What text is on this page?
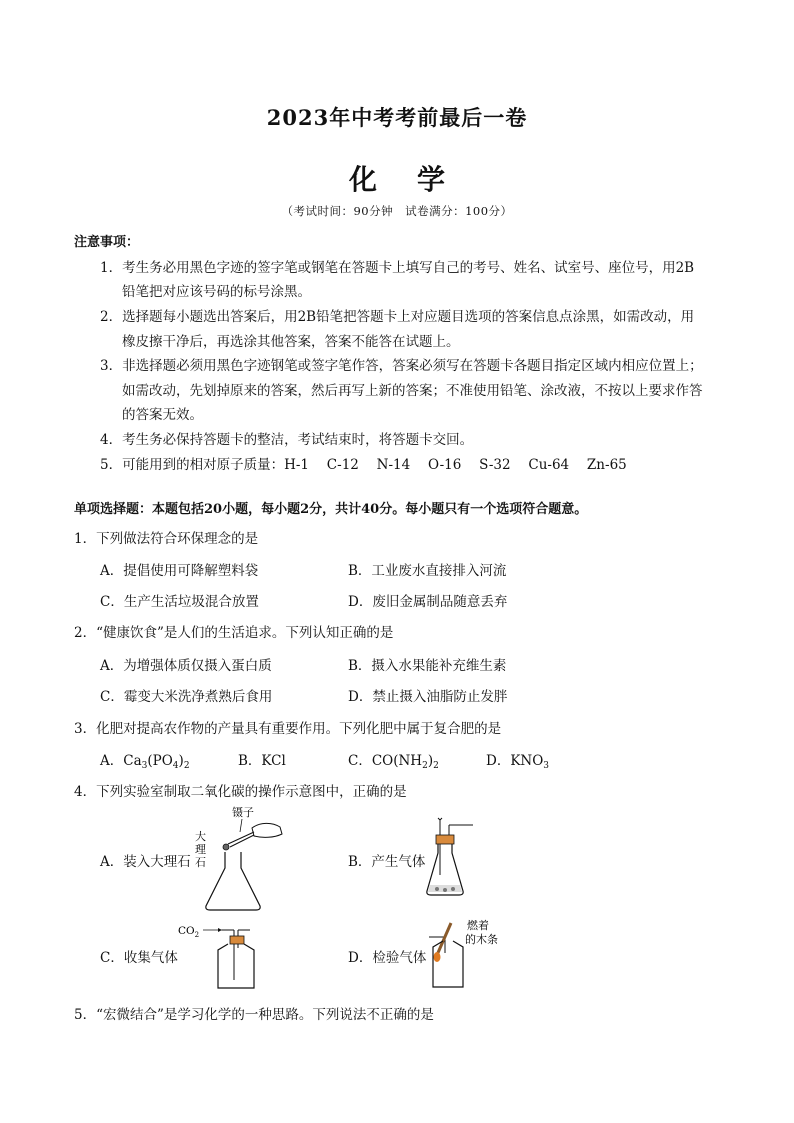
2023年中考考前最后一卷
化 学
（考试时间：90分钟　试卷满分：100分）
注意事项：
1．考生务必用黑色字迹的签字笔或钢笔在答题卡上填写自己的考号、姓名、试室号、座位号，用2B
铅笔把对应该号码的标号涂黑。
2．选择题每小题选出答案后，用2B铅笔把答题卡上对应题目选项的答案信息点涂黑，如需改动，用
橡皮擦干净后，再选涂其他答案，答案不能答在试题上。
3．非选择题必须用黑色字迹钢笔或签字笔作答，答案必须写在答题卡各题目指定区域内相应位置上；
如需改动，先划掉原来的答案，然后再写上新的答案；不准使用铅笔、涂改液，不按以上要求作答
的答案无效。
4．考生务必保持答题卡的整洁，考试结束时，将答题卡交回。
5．可能用到的相对原子质量：H-1　 C-12　 N-14　 O-16　 S-32　 Cu-64　 Zn-65
单项选择题：本题包括20小题，每小题2分，共计40分。每小题只有一个选项符合题意。
1．下列做法符合环保理念的是
A．提倡使用可降解塑料袋	B．工业废水直接排入河流
C．生产生活垃圾混合放置	D．废旧金属制品随意丢弃
2．“健康饮食”是人们的生活追求。下列认知正确的是
A．为增强体质仅摄入蛋白质	B．摄入水果能补充维生素
C．霉变大米洗净煮熟后食用	D．禁止摄入油脂防止发胖
3．化肥对提高农作物的产量具有重要作用。下列化肥中属于复合肥的是
A．$Ca_3(PO_4)_2$	B．KCl	C．$CO(NH_2)_2$	D．$KNO_3$
4．下列实验室制取二氧化碳的操作示意图中，正确的是
A．装入大理石	B．产生气体
C．收集气体	D．检验气体
镊子
大
理
石
$CO_2$
燃着
的木条
5．“宏微结合”是学习化学的一种思路。下列说法不正确的是
